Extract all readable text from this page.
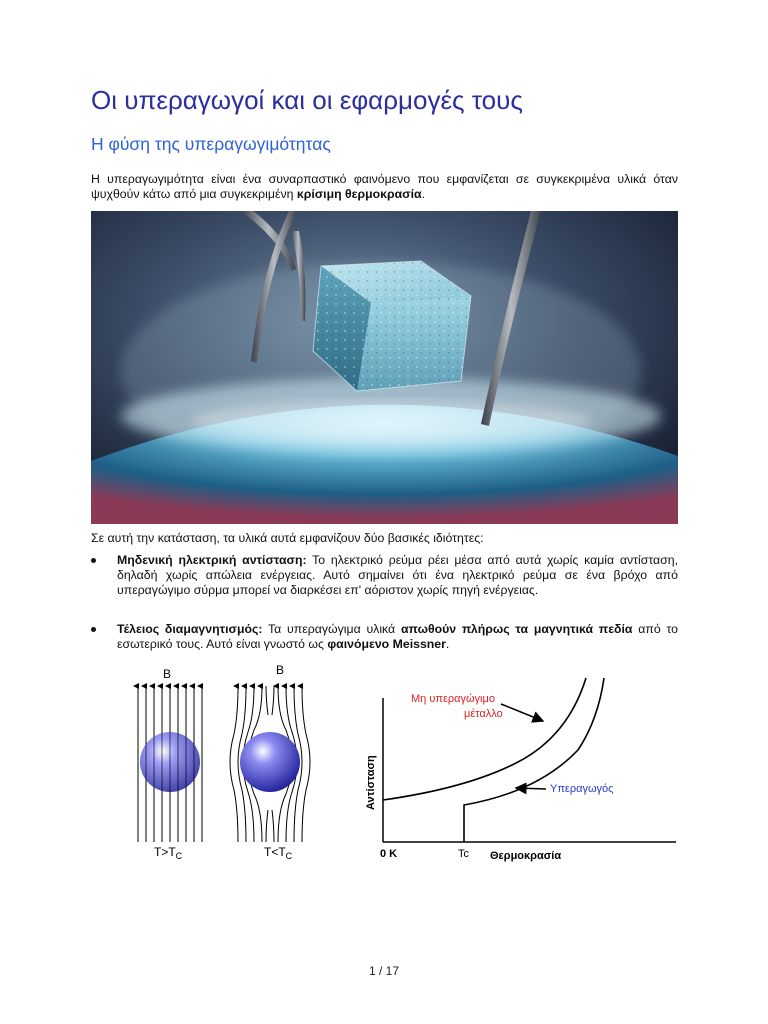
Οι υπεραγωγοί και οι εφαρμογές τους
Η φύση της υπεραγωγιμότητας

Η υπεραγωγιμότητα είναι ένα συναρπαστικό φαινόμενο που εμφανίζεται σε συγκεκριμένα υλικά όταν ψυχθούν κάτω από μια συγκεκριμένη κρίσιμη θερμοκρασία.

Σε αυτή την κατάσταση, τα υλικά αυτά εμφανίζουν δύο βασικές ιδιότητες:

Μηδενική ηλεκτρική αντίσταση: Το ηλεκτρικό ρεύμα ρέει μέσα από αυτά χωρίς καμία αντίσταση, δηλαδή χωρίς απώλεια ενέργειας. Αυτό σημαίνει ότι ένα ηλεκτρικό ρεύμα σε ένα βρόχο από υπεραγώγιμο σύρμα μπορεί να διαρκέσει επ' αόριστον χωρίς πηγή ενέργειας.
Τέλειος διαμαγνητισμός: Τα υπεραγώγιμα υλικά απωθούν πλήρως τα μαγνητικά πεδία από το εσωτερικό τους. Αυτό είναι γνωστό ως φαινόμενο Meissner.
B
$T>T_C$
B
$T<T_C$
Μη υπεραγώγιμο
μέταλλο
Υπεραγωγός
Αντίσταση
0 K	Tc Θερμοκρασία
1 / 17
